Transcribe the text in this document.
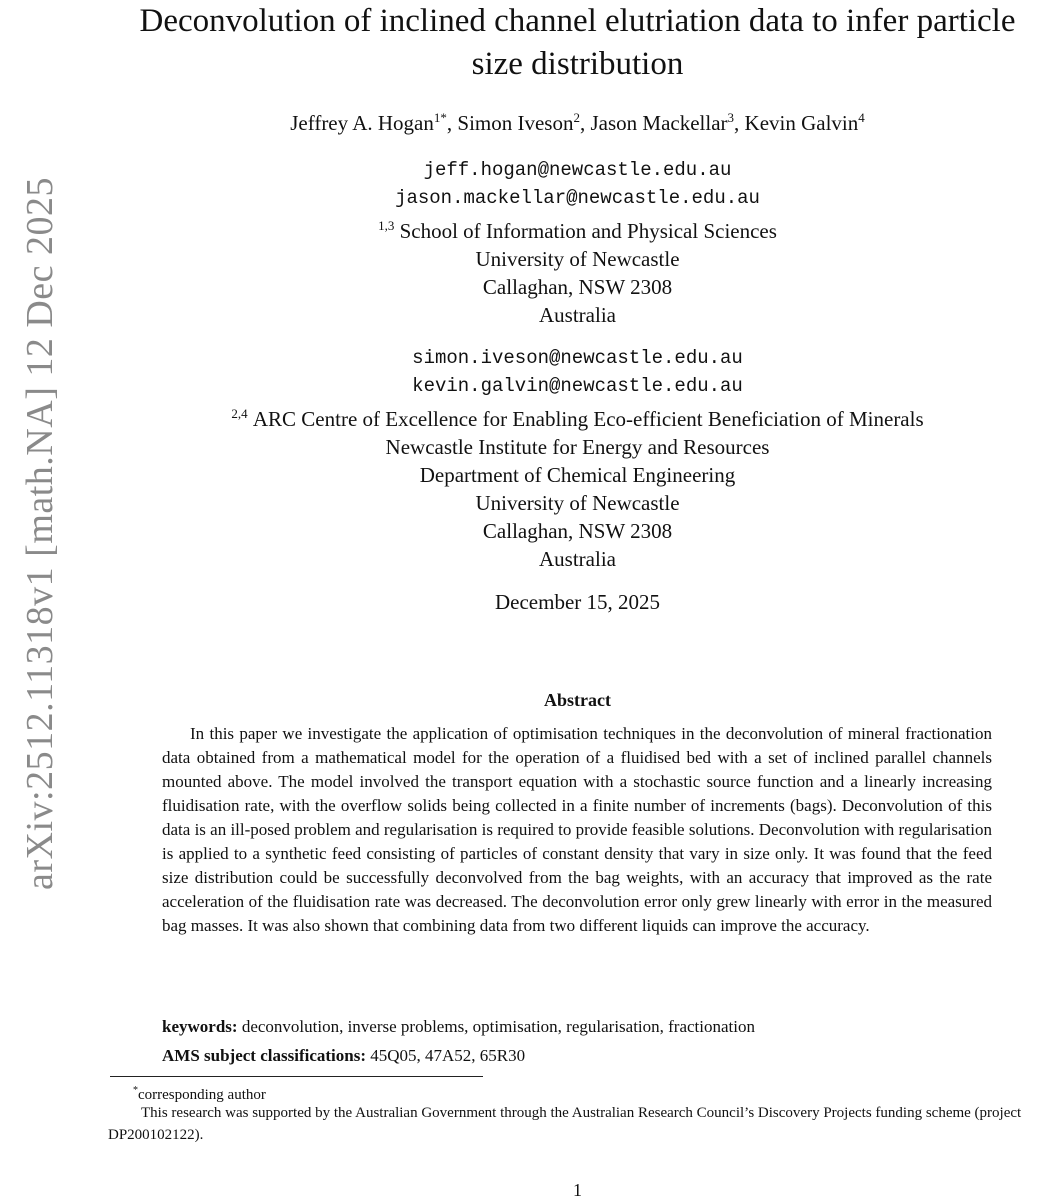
arXiv:2512.11318v1 [math.NA] 12 Dec 2025
Deconvolution of inclined channel elutriation data to infer particle
size distribution
Jeffrey A. Hogan$^{1*}$, Simon Iveson$^2$, Jason Mackellar$^3$, Kevin Galvin$^4$
jeff.hogan@newcastle.edu.au
jason.mackellar@newcastle.edu.au
$^{1,3}$ School of Information and Physical Sciences
University of Newcastle
Callaghan, NSW 2308
Australia
simon.iveson@newcastle.edu.au
kevin.galvin@newcastle.edu.au
$^{2,4}$ ARC Centre of Excellence for Enabling Eco-efficient Beneficiation of Minerals
Newcastle Institute for Energy and Resources
Department of Chemical Engineering
University of Newcastle
Callaghan, NSW 2308
Australia
December 15, 2025
Abstract
In this paper we investigate the application of optimisation techniques in the deconvolution of mineral fractionation data obtained from a mathematical model for the operation of a fluidised bed with a set of inclined parallel channels mounted above. The model involved the transport equation with a stochastic source function and a linearly increasing fluidisation rate, with the overflow solids being collected in a finite number of increments (bags). Deconvolution of this data is an ill-posed problem and regularisation is required to provide feasible solutions. Deconvolution with regularisation is applied to a synthetic feed consisting of particles of constant density that vary in size only. It was found that the feed size distribution could be successfully deconvolved from the bag weights, with an accuracy that improved as the rate acceleration of the fluidisation rate was decreased. The deconvolution error only grew linearly with error in the measured bag masses. It was also shown that combining data from two different liquids can improve the accuracy.
keywords: deconvolution, inverse problems, optimisation, regularisation, fractionation
AMS subject classifications: 45Q05, 47A52, 65R30
*corresponding author
This research was supported by the Australian Government through the Australian Research Council’s Discovery Projects funding scheme (project DP200102122).
1
